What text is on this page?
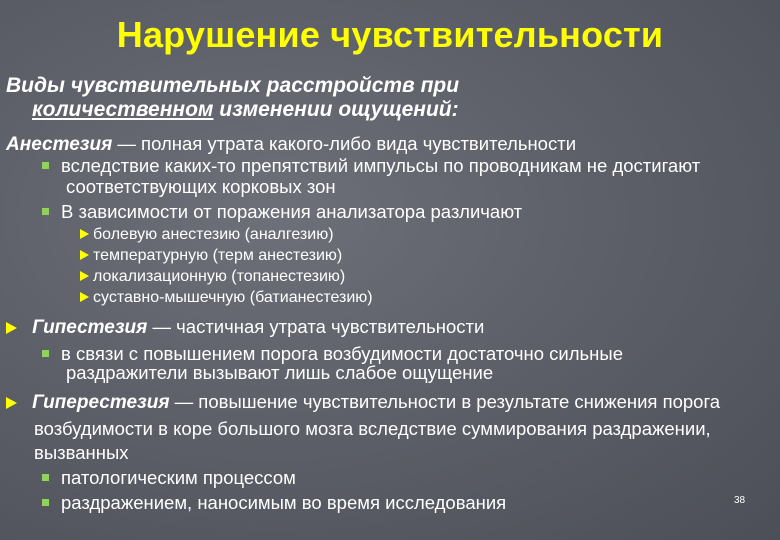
Нарушение чувствительности
Виды чувствительных расстройств при
количественном изменении ощущений:
Анестезия — полная утрата какого-либо вида чувствительности
вследствие каких-то препятствий импульсы по проводникам не достигают
соответствующих корковых зон
В зависимости от поражения анализатора различают
болевую анестезию (аналгезию)
температурную (терм анестезию)
локализационную (топанестезию)
суставно-мышечную (батианестезию)
Гипестезия — частичная утрата чувствительности
в связи с повышением порога возбудимости достаточно сильные
раздражители вызывают лишь слабое ощущение
Гиперестезия — повышение чувствительности в результате снижения порога
возбудимости в коре большого мозга вследствие суммирования раздражении,
вызванных
патологическим процессом
раздражением, наносимым во время исследования	38
